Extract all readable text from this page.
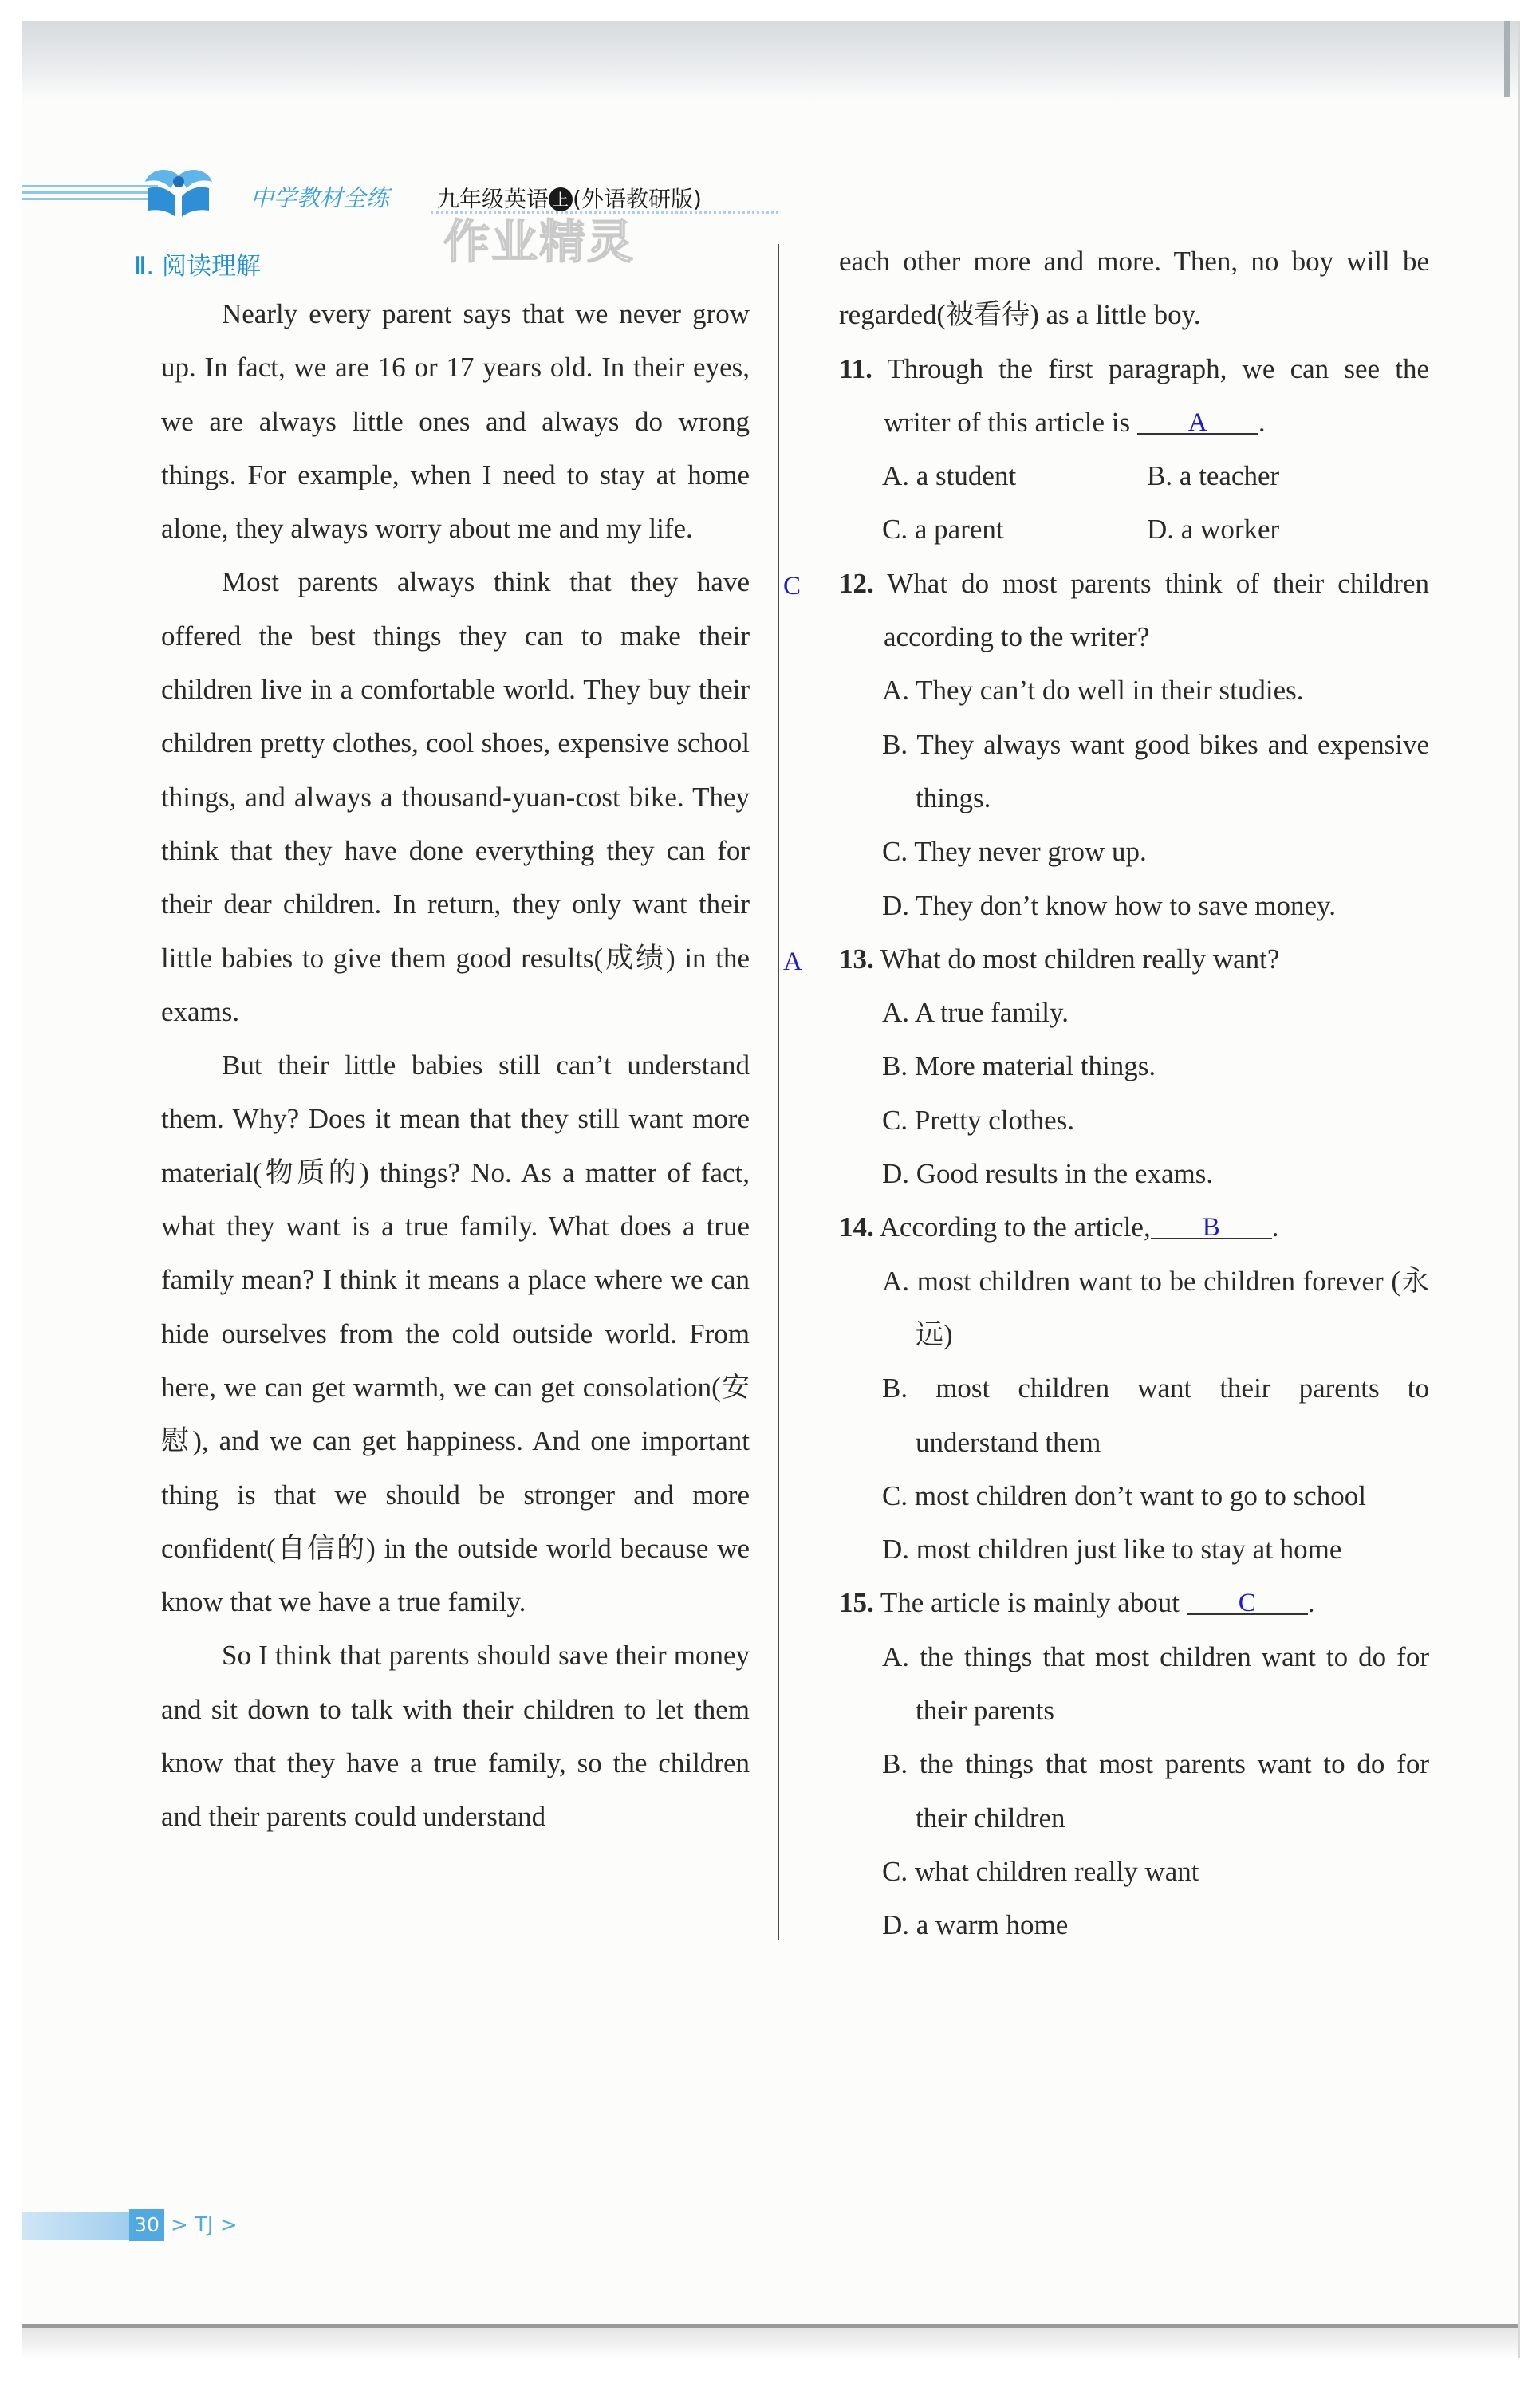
中学教材全练 九年级英语 上 (外语教研版)
作业精灵
Ⅱ. 阅读理解

Nearly every parent says that we never grow up. In fact, we are 16 or 17 years old. In their eyes, we are always little ones and always do wrong things. For example, when I need to stay at home alone, they always worry about me and my life.

Most parents always think that they have offered the best things they can to make their children live in a comfortable world. They buy their children pretty clothes, cool shoes, expensive school things, and always a thousand-yuan-cost bike. They think that they have done everything they can for their dear children. In return, they only want their little babies to give them good results(成绩) in the exams.

But their little babies still can’t understand them. Why? Does it mean that they still want more material(物质的) things? No. As a matter of fact, what they want is a true family. What does a true family mean? I think it means a place where we can hide ourselves from the cold outside world. From here, we can get warmth, we can get consolation(安慰), and we can get happiness. And one important thing is that we should be stronger and more confident(自信的) in the outside world because we know that we have a true family.

So I think that parents should save their money and sit down to talk with their children to let them know that they have a true family, so the children and their parents could understand

each other more and more. Then, no boy will be regarded(被看待) as a little boy.

11. Through the first paragraph, we can see the writer of this article is	A	.
A. a student	B. a teacher
C. a parent	D. a worker
C 12. What do most parents think of their children according to the writer?
A. They can’t do well in their studies.
B. They always want good bikes and expensive things.
C. They never grow up.
D. They don’t know how to save money.
A 13. What do most children really want?
A. A true family.
B. More material things.
C. Pretty clothes.
D. Good results in the exams.
14. According to the article,	B	.
A. most children want to be children forever (永远)
B. most children want their parents to understand them
C. most children don’t want to go to school
D. most children just like to stay at home
15. The article is mainly about	C	.
A. the things that most children want to do for their parents
B. the things that most parents want to do for their children
C. what children really want
D. a warm home
30 > TJ >
